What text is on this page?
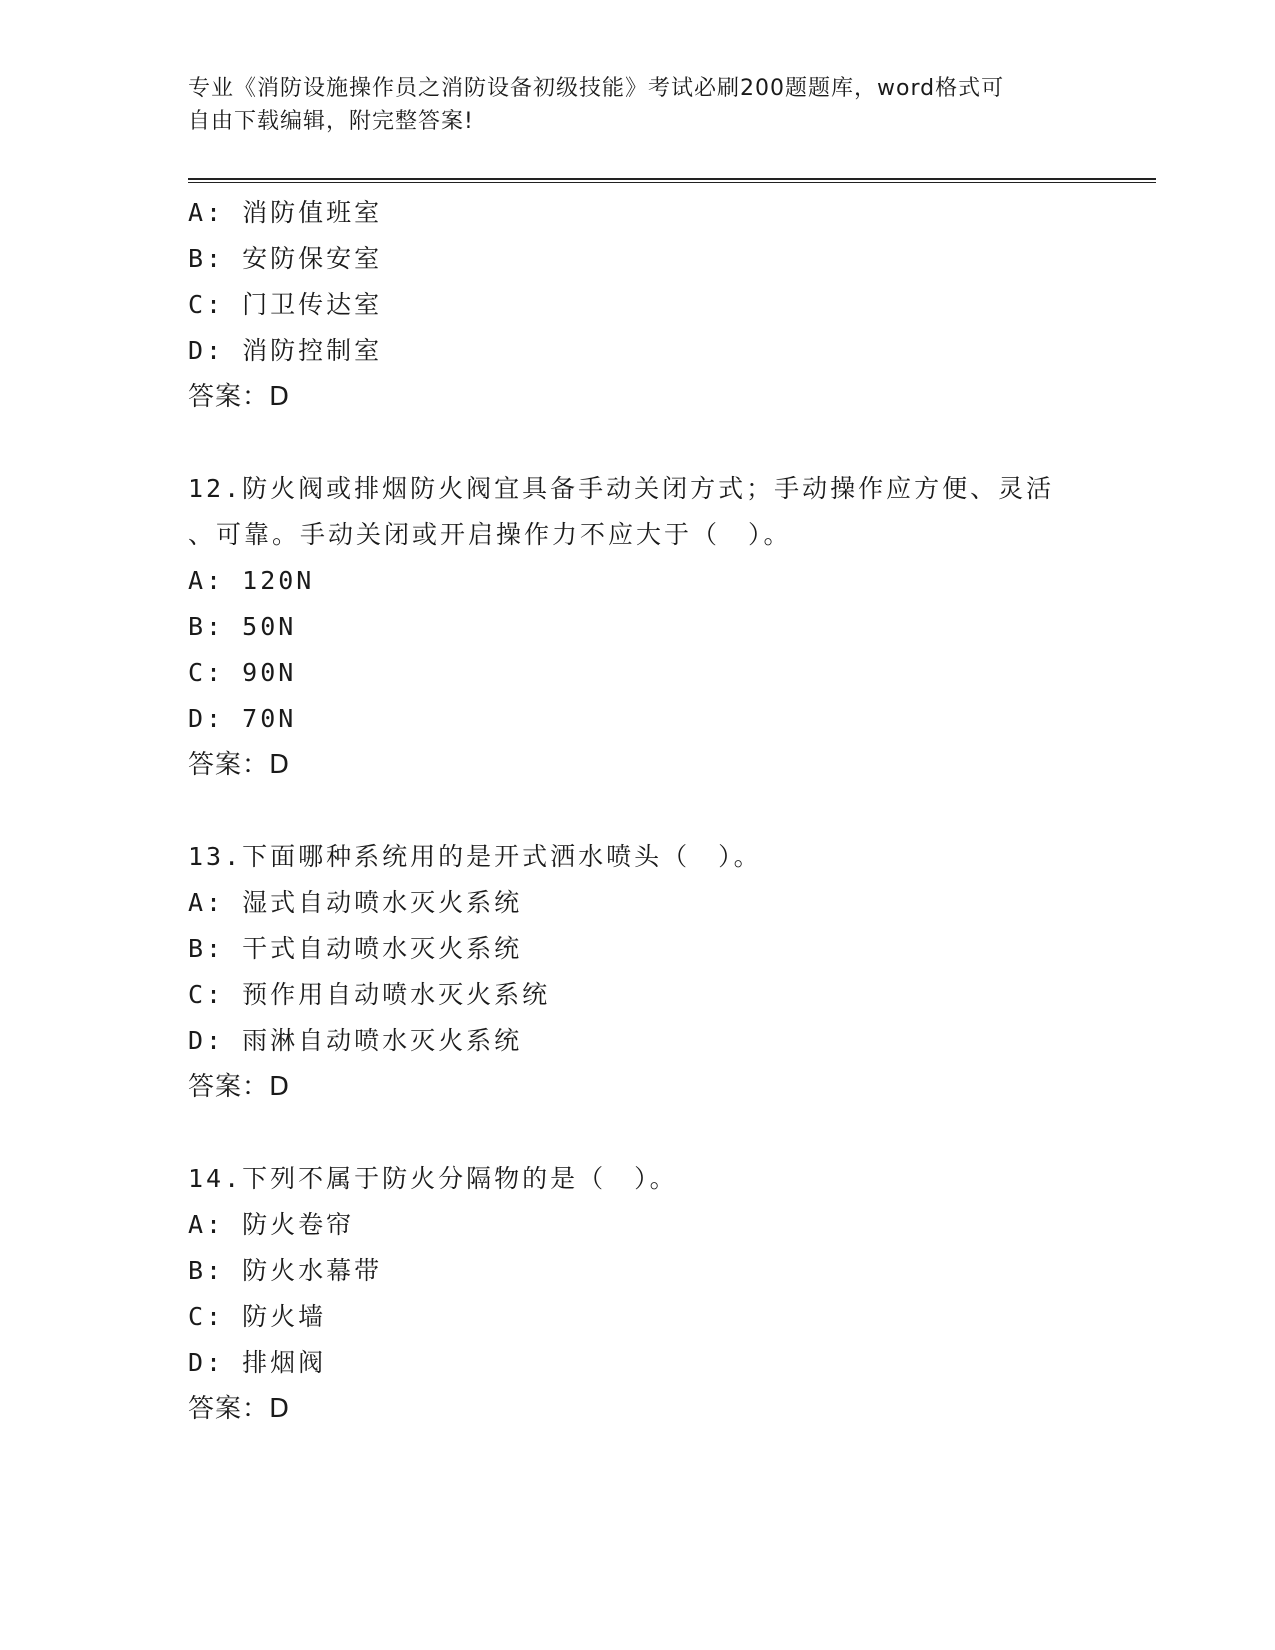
专业《消防设施操作员之消防设备初级技能》考试必刷200题题库，word格式可
自由下载编辑，附完整答案!
A: 消防值班室
B: 安防保安室
C: 门卫传达室
D: 消防控制室
答案：D
12.防火阀或排烟防火阀宜具备手动关闭方式；手动操作应方便、灵活
、可靠。手动关闭或开启操作力不应大于（　）。
A: 120N
B: 50N
C: 90N
D: 70N
答案：D
13.下面哪种系统用的是开式洒水喷头（　）。
A: 湿式自动喷水灭火系统
B: 干式自动喷水灭火系统
C: 预作用自动喷水灭火系统
D: 雨淋自动喷水灭火系统
答案：D
14.下列不属于防火分隔物的是（　）。
A: 防火卷帘
B: 防火水幕带
C: 防火墙
D: 排烟阀
答案：D
